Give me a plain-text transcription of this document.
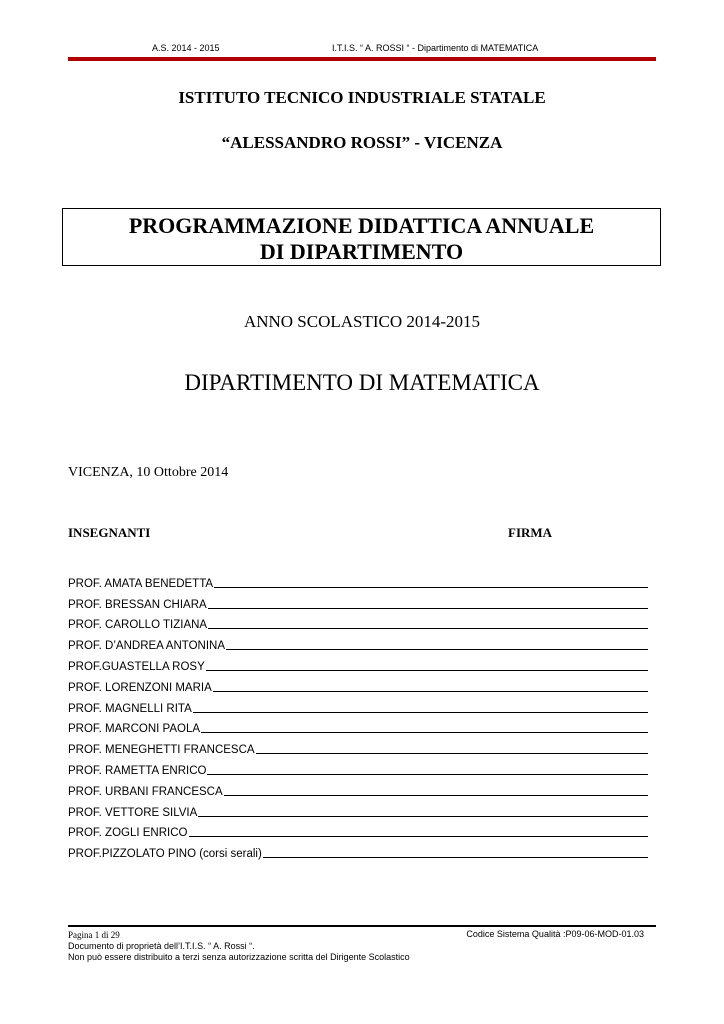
A.S. 2014 - 2015	I.T.I.S. “ A. ROSSI “ - Dipartimento di MATEMATICA
ISTITUTO TECNICO INDUSTRIALE STATALE
“ALESSANDRO ROSSI” - VICENZA
PROGRAMMAZIONE DIDATTICA ANNUALE
DI DIPARTIMENTO
ANNO SCOLASTICO 2014-2015
DIPARTIMENTO DI MATEMATICA
VICENZA, 10 Ottobre 2014
INSEGNANTI	FIRMA
PROF. AMATA BENEDETTA
PROF. BRESSAN CHIARA
PROF. CAROLLO TIZIANA
PROF. D’ANDREA ANTONINA
PROF.GUASTELLA ROSY
PROF. LORENZONI MARIA
PROF. MAGNELLI RITA
PROF. MARCONI PAOLA
PROF. MENEGHETTI FRANCESCA
PROF. RAMETTA ENRICO
PROF. URBANI FRANCESCA
PROF. VETTORE SILVIA
PROF. ZOGLI ENRICO
PROF.PIZZOLATO PINO (corsi serali)
Pagina 1 di 29	Codice Sistema Qualità :P09-06-MOD-01.03
Documento di proprietà dell’I.T.I.S. “ A. Rossi “.
Non può essere distribuito a terzi senza autorizzazione scritta del Dirigente Scolastico
